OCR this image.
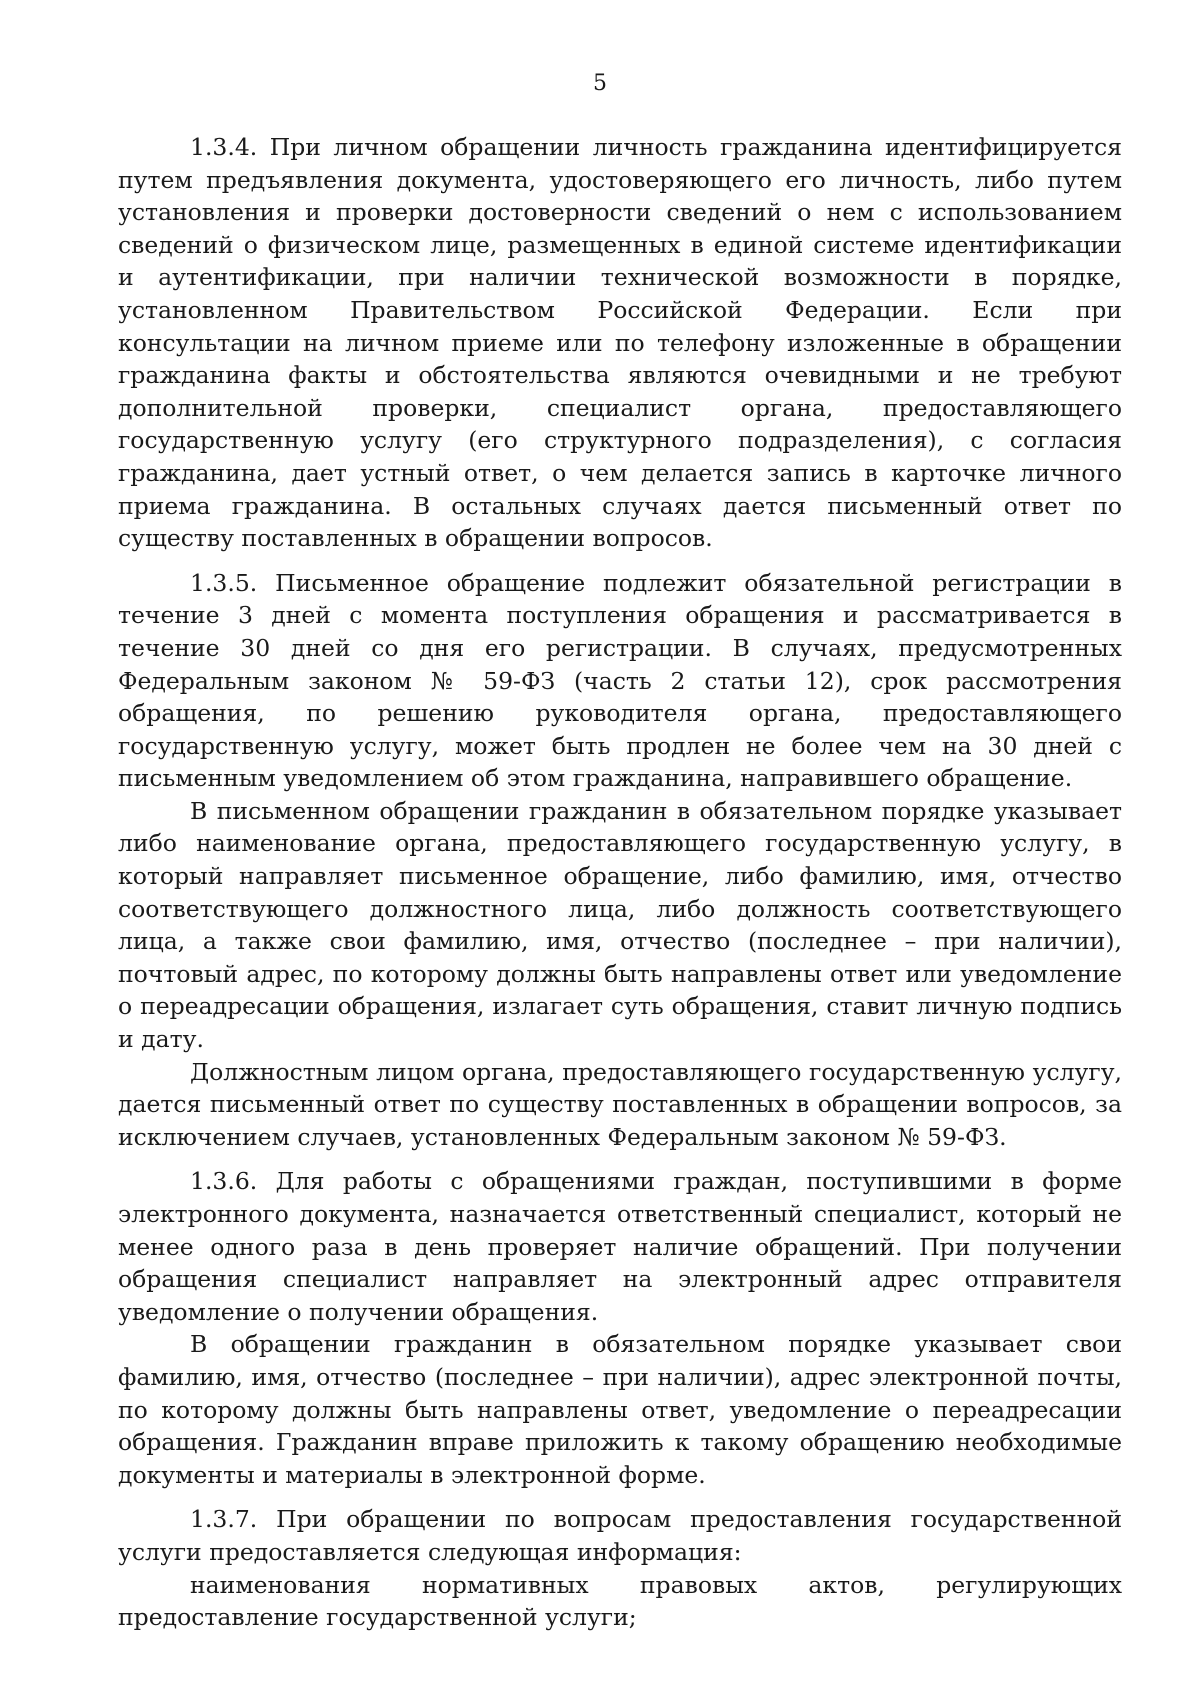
5

1.3.4. При личном обращении личность гражданина идентифицируется путем предъявления документа, удостоверяющего его личность, либо путем установления и проверки достоверности сведений о нем с использованием сведений о физическом лице, размещенных в единой системе идентификации и аутентификации, при наличии технической возможности в порядке, установленном Правительством Российской Федерации. Если при консультации на личном приеме или по телефону изложенные в обращении гражданина факты и обстоятельства являются очевидными и не требуют дополнительной проверки, специалист органа, предоставляющего государственную услугу (его структурного подразделения), с согласия гражданина, дает устный ответ, о чем делается запись в карточке личного приема гражданина. В остальных случаях дается письменный ответ по существу поставленных в обращении вопросов.

1.3.5. Письменное обращение подлежит обязательной регистрации в течение 3 дней с момента поступления обращения и рассматривается в течение 30 дней со дня его регистрации. В случаях, предусмотренных Федеральным законом № 59-ФЗ (часть 2 статьи 12), срок рассмотрения обращения, по решению руководителя органа, предоставляющего государственную услугу, может быть продлен не более чем на 30 дней с письменным уведомлением об этом гражданина, направившего обращение.

В письменном обращении гражданин в обязательном порядке указывает либо наименование органа, предоставляющего государственную услугу, в который направляет письменное обращение, либо фамилию, имя, отчество соответствующего должностного лица, либо должность соответствующего лица, а также свои фамилию, имя, отчество (последнее – при наличии), почтовый адрес, по которому должны быть направлены ответ или уведомление о переадресации обращения, излагает суть обращения, ставит личную подпись и дату.

Должностным лицом органа, предоставляющего государственную услугу, дается письменный ответ по существу поставленных в обращении вопросов, за исключением случаев, установленных Федеральным законом № 59-ФЗ.

1.3.6. Для работы с обращениями граждан, поступившими в форме электронного документа, назначается ответственный специалист, который не менее одного раза в день проверяет наличие обращений. При получении обращения специалист направляет на электронный адрес отправителя уведомление о получении обращения.

В обращении гражданин в обязательном порядке указывает свои фамилию, имя, отчество (последнее – при наличии), адрес электронной почты, по которому должны быть направлены ответ, уведомление о переадресации обращения. Гражданин вправе приложить к такому обращению необходимые документы и материалы в электронной форме.

1.3.7. При обращении по вопросам предоставления государственной услуги предоставляется следующая информация:

наименования нормативных правовых актов, регулирующих предоставление государственной услуги;
